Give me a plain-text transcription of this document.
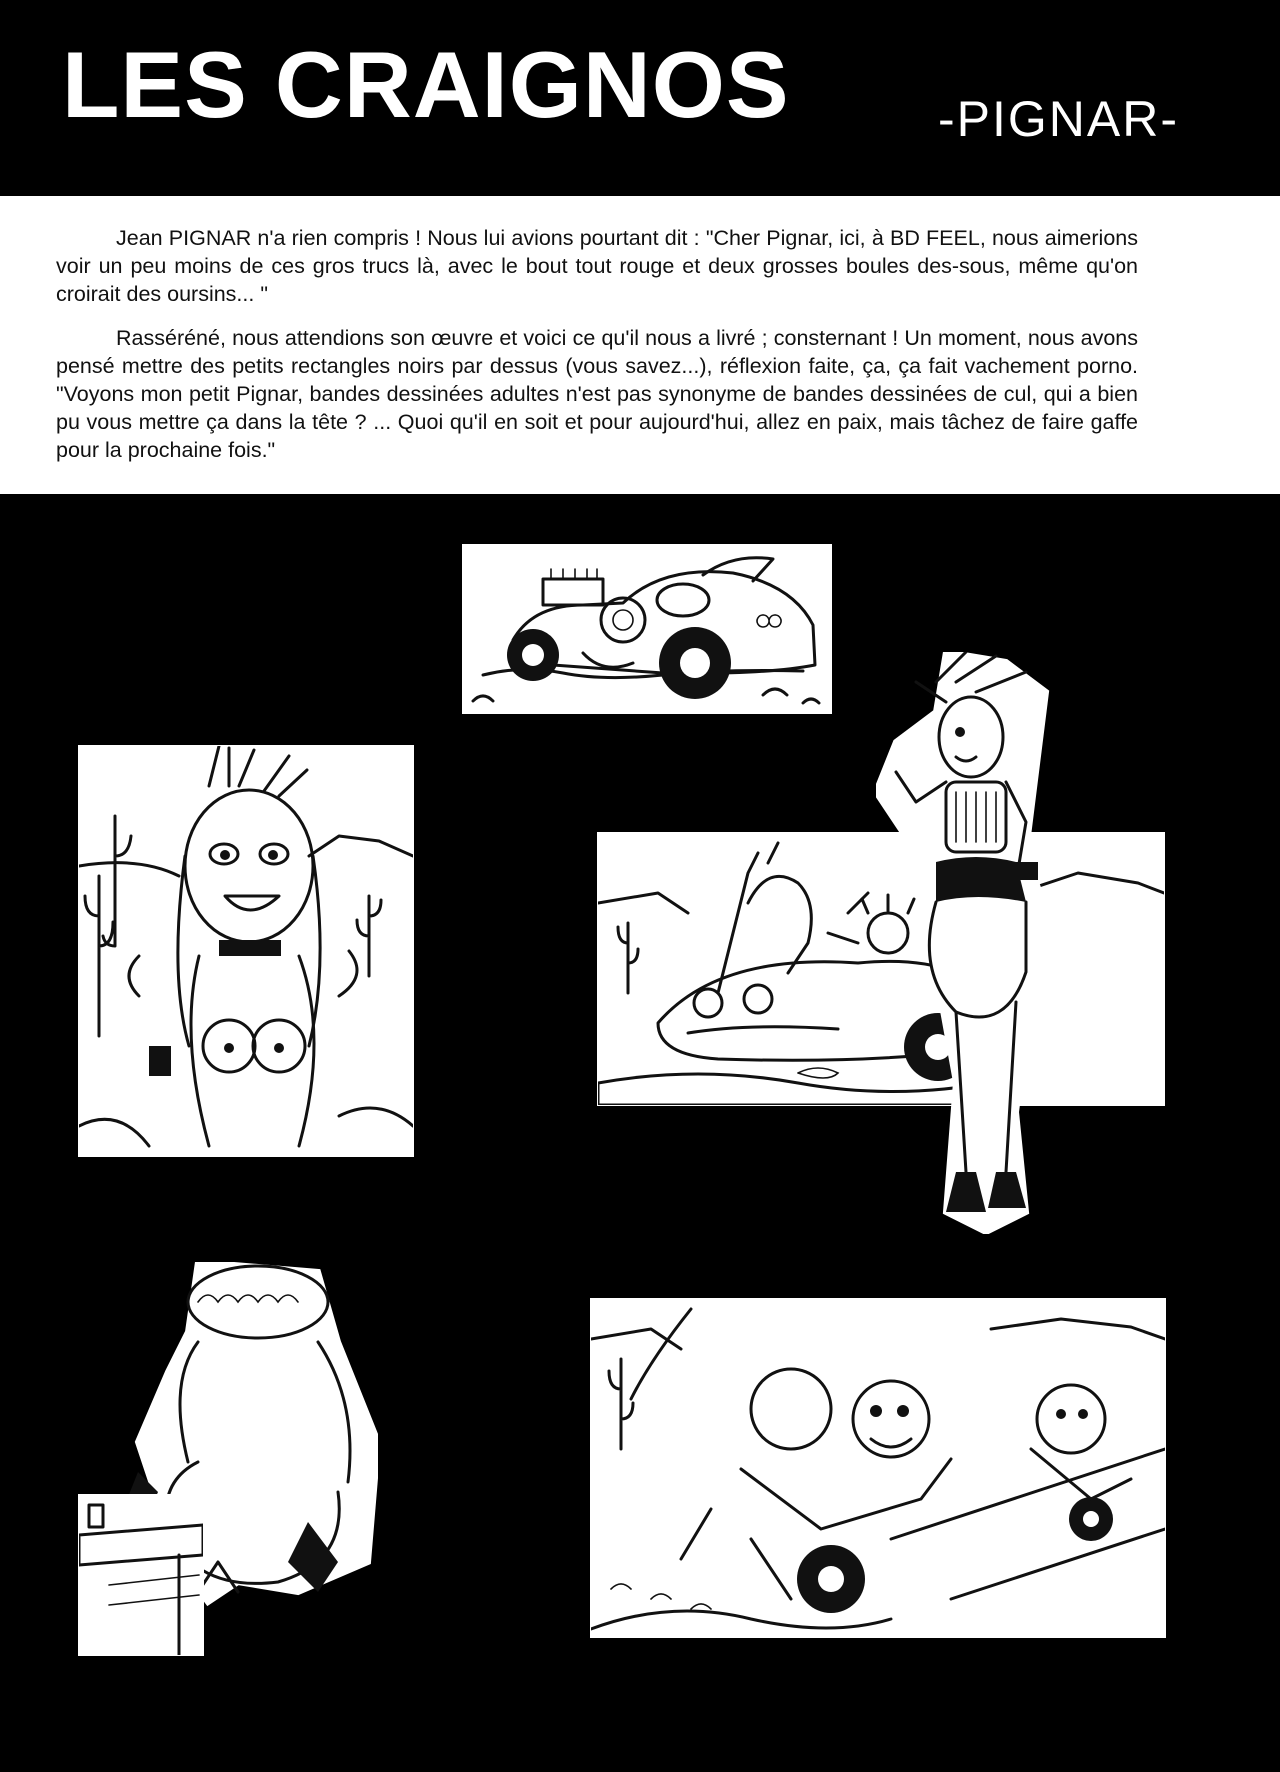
LES CRAIGNOS	-PIGNAR-

Jean PIGNAR n'a rien compris ! Nous lui avions pourtant dit : "Cher Pignar, ici, à BD FEEL, nous aimerions voir un peu moins de ces gros trucs là, avec le bout tout rouge et deux grosses boules des-sous, même qu'on croirait des oursins... "

Rasséréné, nous attendions son œuvre et voici ce qu'il nous a livré ; consternant ! Un moment, nous avons pensé mettre des petits rectangles noirs par dessus (vous savez...), réflexion faite, ça, ça fait vachement porno. "Voyons mon petit Pignar, bandes dessinées adultes n'est pas synonyme de bandes dessinées de cul, qui a bien pu vous mettre ça dans la tête ? ... Quoi qu'il en soit et pour aujourd'hui, allez en paix, mais tâchez de faire gaffe pour la prochaine fois."
